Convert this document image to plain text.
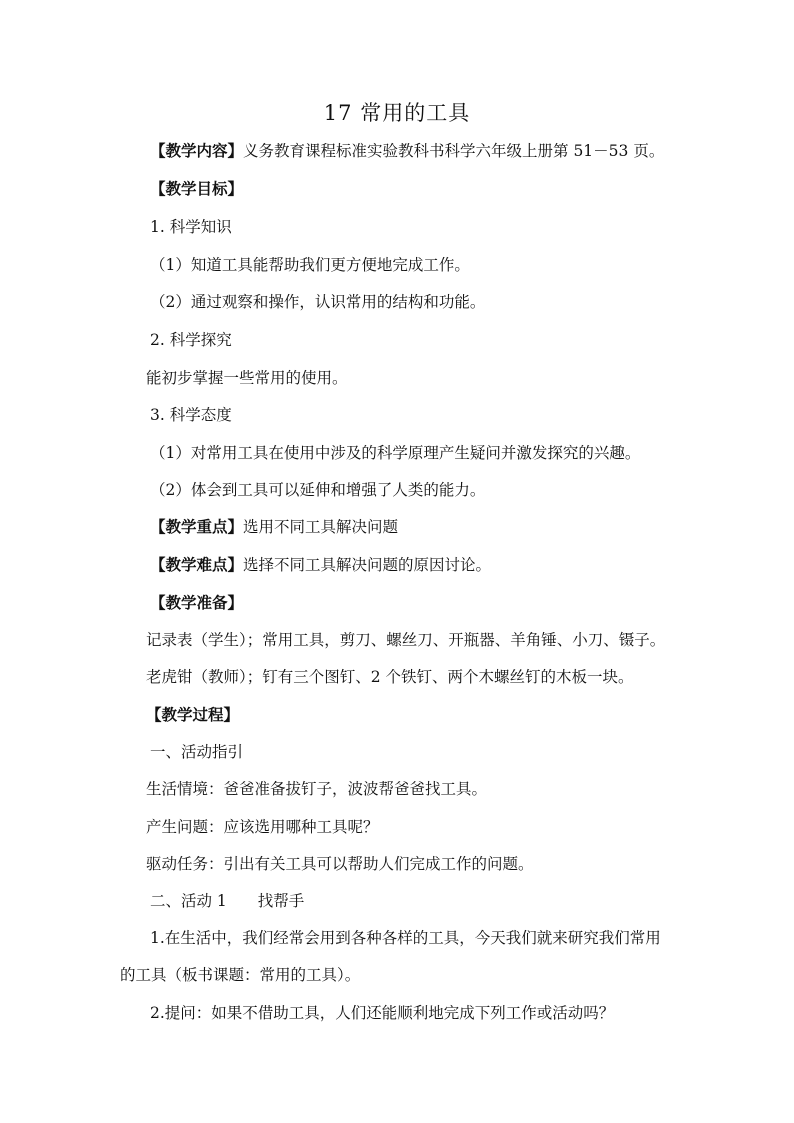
17 常用的工具
【教学内容】义务教育课程标准实验教科书科学六年级上册第 51－53 页。
【教学目标】
1. 科学知识
（1）知道工具能帮助我们更方便地完成工作。
（2）通过观察和操作，认识常用的结构和功能。
2. 科学探究
能初步掌握一些常用的使用。
3. 科学态度
（1）对常用工具在使用中涉及的科学原理产生疑问并激发探究的兴趣。
（2）体会到工具可以延伸和增强了人类的能力。
【教学重点】选用不同工具解决问题
【教学难点】选择不同工具解决问题的原因讨论。
【教学准备】
记录表（学生）；常用工具，剪刀、螺丝刀、开瓶器、羊角锤、小刀、镊子。
老虎钳（教师）；钉有三个图钉、2 个铁钉、两个木螺丝钉的木板一块。
【教学过程】
一、活动指引
生活情境：爸爸准备拔钉子，波波帮爸爸找工具。
产生问题：应该选用哪种工具呢？
驱动任务：引出有关工具可以帮助人们完成工作的问题。
二、活动 1　　找帮手
1.在生活中，我们经常会用到各种各样的工具，今天我们就来研究我们常用
的工具（板书课题：常用的工具）。
2.提问：如果不借助工具，人们还能顺利地完成下列工作或活动吗？
